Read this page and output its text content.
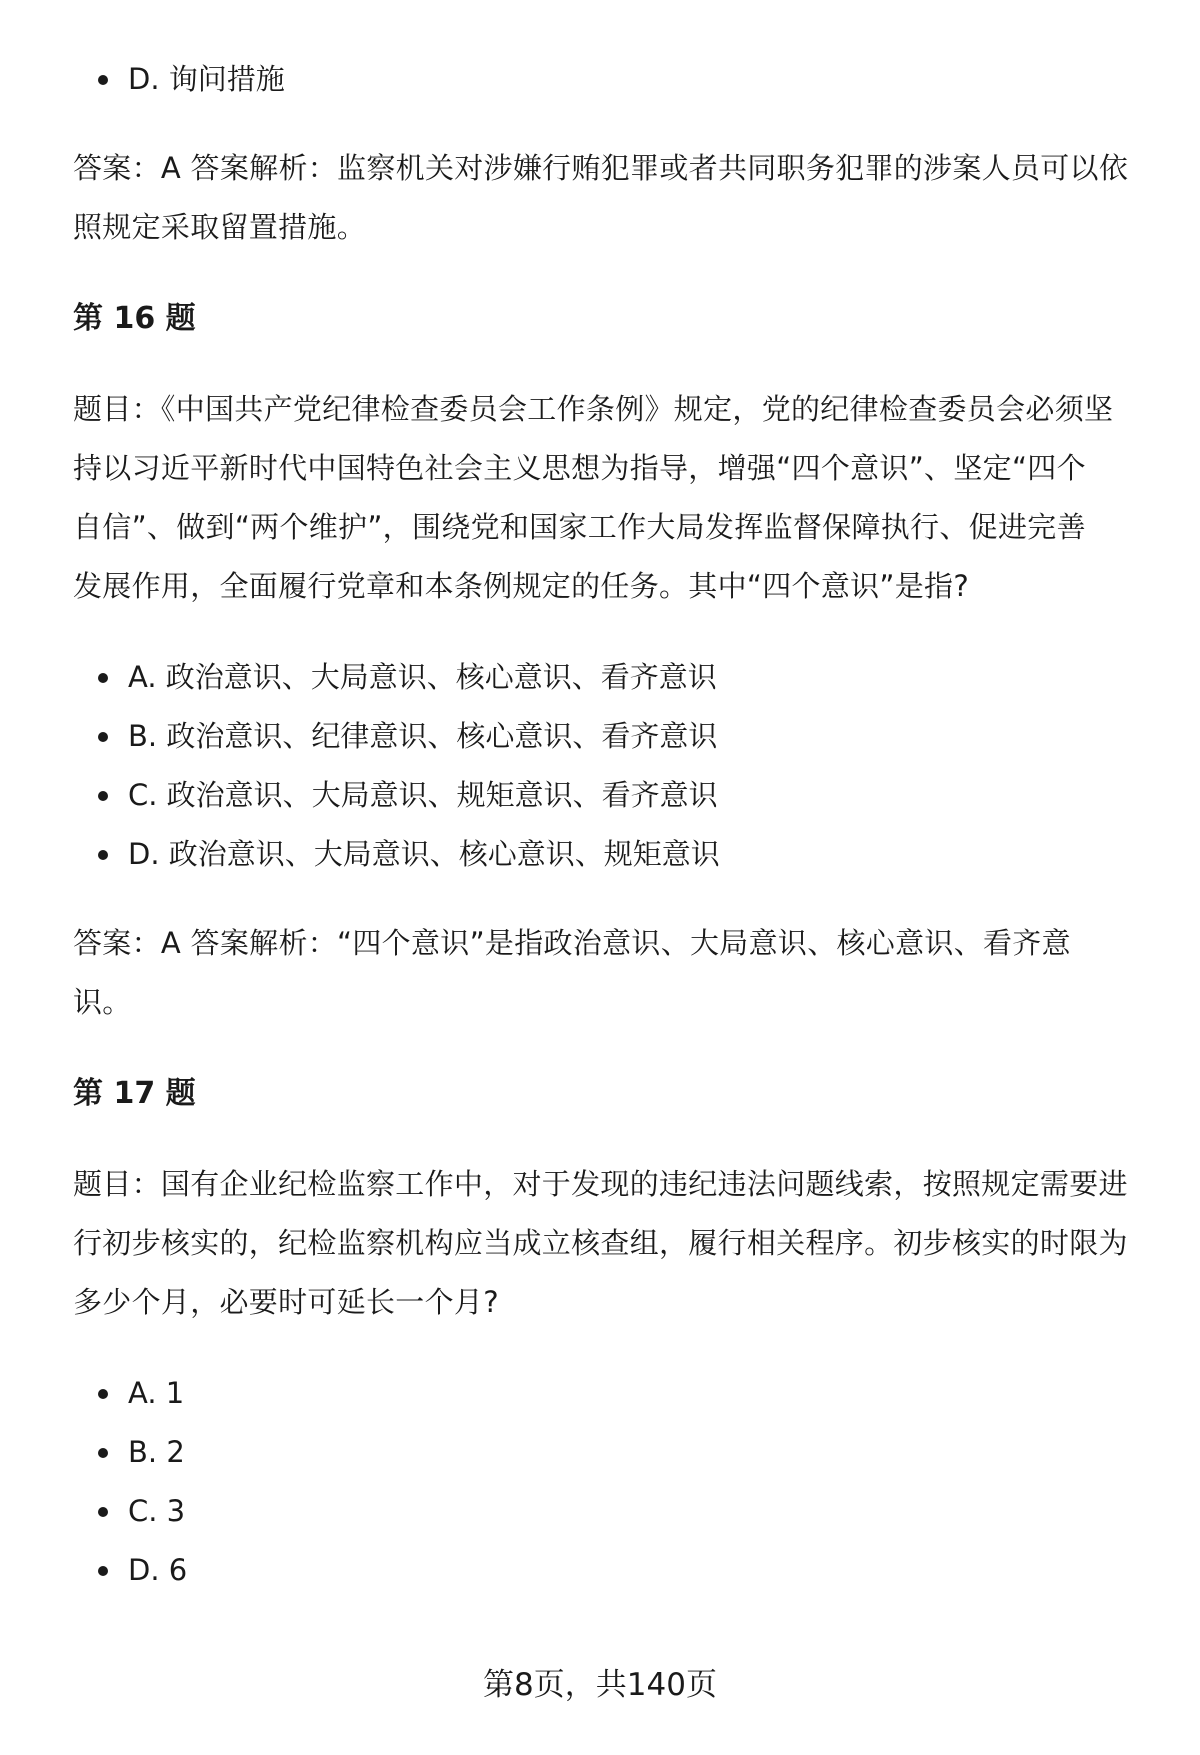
D. 询问措施

答案：A 答案解析：监察机关对涉嫌行贿犯罪或者共同职务犯罪的涉案人员可以依
照规定采取留置措施。

第 16 题

题目：《中国共产党纪律检查委员会工作条例》规定，党的纪律检查委员会必须坚
持以习近平新时代中国特色社会主义思想为指导，增强“四个意识”、坚定“四个
自信”、做到“两个维护”，围绕党和国家工作大局发挥监督保障执行、促进完善
发展作用，全面履行党章和本条例规定的任务。其中“四个意识”是指?

A. 政治意识、大局意识、核心意识、看齐意识
B. 政治意识、纪律意识、核心意识、看齐意识
C. 政治意识、大局意识、规矩意识、看齐意识
D. 政治意识、大局意识、核心意识、规矩意识

答案：A 答案解析：“四个意识”是指政治意识、大局意识、核心意识、看齐意
识。

第 17 题

题目：国有企业纪检监察工作中，对于发现的违纪违法问题线索，按照规定需要进
行初步核实的，纪检监察机构应当成立核查组，履行相关程序。初步核实的时限为
多少个月，必要时可延长一个月?

A. 1
B. 2
C. 3
D. 6
第8页，共140页
